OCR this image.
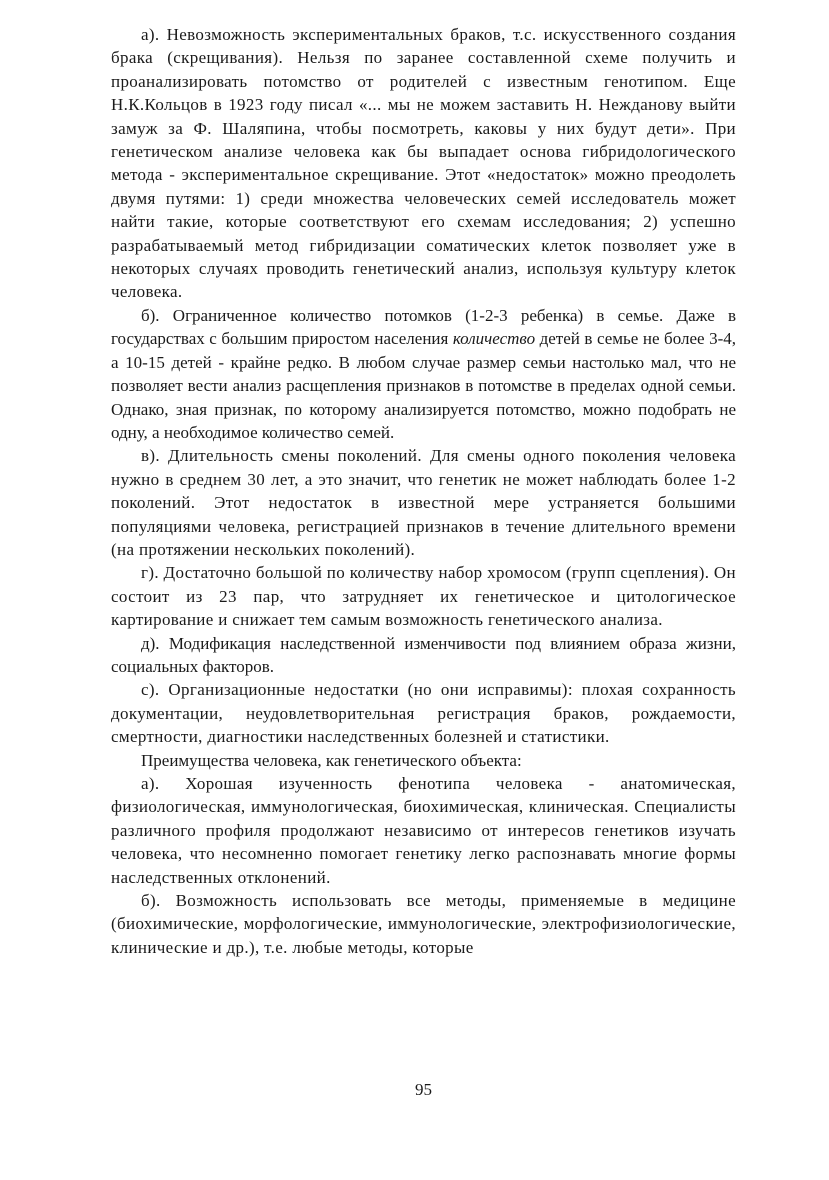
а). Невозможность экспериментальных браков, т.с. искусственного создания брака (скрещивания). Нельзя по заранее составленной схеме получить и проанализировать потомство от родителей с известным генотипом. Еще Н.К.Кольцов в 1923 году писал «... мы не можем заставить Н. Нежданову выйти замуж за Ф. Шаляпина, чтобы посмотреть, каковы у них будут дети». При генетическом анализе человека как бы выпадает основа гибридологического метода - экспериментальное скрещивание. Этот «недостаток» можно преодолеть двумя путями: 1) среди множества человеческих семей исследователь может найти такие, которые соответствуют его схемам исследования; 2) успешно разрабатываемый метод гибридизации соматических клеток позволяет уже в некоторых случаях проводить генетический анализ, используя культуру клеток человека.

б). Ограниченное количество потомков (1-2-3 ребенка) в семье. Даже в государствах с большим приростом населения количество детей в семье не более 3-4, а 10-15 детей - крайне редко. В любом случае размер семьи настолько мал, что не позволяет вести анализ расщепления признаков в потомстве в пределах одной семьи. Однако, зная признак, по которому анализируется потомство, можно подобрать не одну, а необходимое количество семей.

в). Длительность смены поколений. Для смены одного поколения человека нужно в среднем 30 лет, а это значит, что генетик не может наблюдать более 1-2 поколений. Этот недостаток в известной мере устраняется большими популяциями человека, регистрацией признаков в течение длительного времени (на протяжении нескольких поколений).

г). Достаточно большой по количеству набор хромосом (групп сцепления). Он состоит из 23 пар, что затрудняет их генетическое и цитологическое картирование и снижает тем самым возможность генетического анализа.

д). Модификация наследственной изменчивости под влиянием образа жизни, социальных факторов.

с). Организационные недостатки (но они исправимы): плохая сохранность документации, неудовлетворительная регистрация браков, рождаемости, смертности, диагностики наследственных болезней и статистики.

Преимущества человека, как генетического объекта:

а). Хорошая изученность фенотипа человека - анатомическая, физиологическая, иммунологическая, биохимическая, клиническая. Специалисты различного профиля продолжают независимо от интересов генетиков изучать человека, что несомненно помогает генетику легко распознавать многие формы наследственных отклонений.

б). Возможность использовать все методы, применяемые в медицине (биохимические, морфологические, иммунологические, электрофизиологические, клинические и др.), т.е. любые методы, которые

95
